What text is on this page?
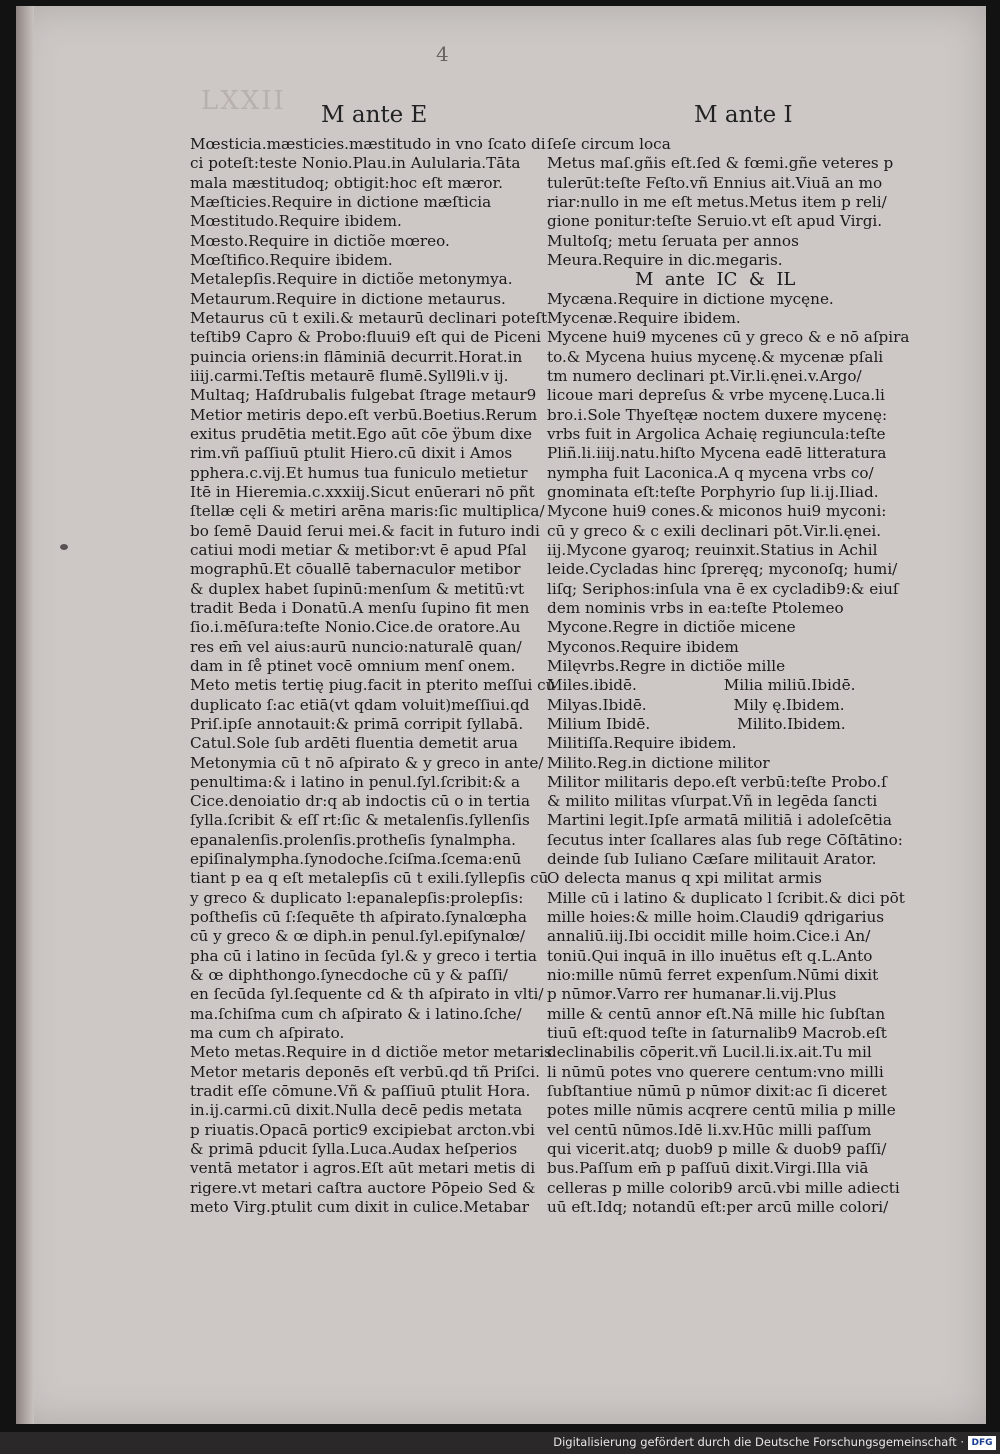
LXXII
4
M ante E	M ante I
Mœsticia.mæsticies.mæstitudo in vno ſcato di
ci poteſt:teste Nonio.Plau.in Aulularia.Tāta
mala mæstitudoq; obtigit:hoc eſt mæror.
Mæſticies.Require in dictione mæſticia
Mœstitudo.Require ibidem.
Mœsto.Require in dictiõe mœreo.
Mœſtifico.Require ibidem.
Metalepſis.Require in dictiõe metonymya.
Metaurum.Require in dictione metaurus.
Metaurus cū t exili.& metaurū declinari poteſt
teſtib9 Capro & Probo:fluui9 eſt qui de Piceni
puincia oriens:in flāminiā decurrit.Horat.in
iiij.carmi.Teſtis metaurē flumē.Syll9li.v ij.
Multaq; Haſdrubalis fulgebat ſtrage metaur9
Metior metiris depo.eſt verbū.Boetius.Rerum
exitus prudētia metit.Ego aūt cōe ÿbum dixe
rim.vñ paſſiuū ptulit Hiero.cū dixit i Amos
pphera.c.vij.Et humus tua funiculo metietur
Itē in Hieremia.c.xxxiij.Sicut enūerari nō pñt
ſtellæ cęli & metiri arēna maris:ſic multiplica/
bo ſemē Dauid ſerui mei.& facit in futuro indi
catiui modi metiar & metibor:vt ē apud Pſal
mographū.Et cōuallē tabernaculoɍ metibor
& duplex habet ſupinū:menſum & metitū:vt
tradit Beda i Donatū.A menſu ſupino fit men
ſio.i.mēſura:teſte Nonio.Cice.de oratore.Au
res em̄ vel aius:aurū nuncio:naturalē quan/
dam in ſe̊ ptinet vocē omnium menſ onem.
Meto metis tertię piug.facit in pterito meſſui cū
duplicato ſ:ac etiā(vt qdam voluit)meſſiui.qd
Priſ.ipſe annotauit:& primā corripit ſyllabā.
Catul.Sole ſub ardēti fluentia demetit arua
Metonymia cū t nō aſpirato & y greco in ante/
penultima:& i latino in penul.ſyl.ſcribit:& a
Cice.denoiatio dr:q ab indoctis cū o in tertia
ſylla.ſcribit & eſſ rt:ſic & metalenſis.ſyllenſis
epanalenſis.prolenſis.protheſis ſynalmpha.
epiſinalympha.ſynodoche.ſciſma.ſcema:enū
tiant p ea q eſt metalepſis cū t exili.ſyllepſis cū
y greco & duplicato l:epanalepſis:prolepſis:
poſtheſis cū ſ:ſequēte th aſpirato.ſynalœpha
cū y greco & œ diph.in penul.ſyl.epiſynalœ/
pha cū i latino in ſecūda ſyl.& y greco i tertia
& œ diphthongo.ſynecdoche cū y & paſſi/
en ſecūda ſyl.ſequente cd & th aſpirato in vlti/
ma.ſchiſma cum ch aſpirato & i latino.ſche/
ma cum ch aſpirato.
Meto metas.Require in d dictiõe metor metaris.
Metor metaris deponēs eſt verbū.qd tñ Priſci.
tradit eſſe cōmune.Vñ & paſſiuū ptulit Hora.
in.ij.carmi.cū dixit.Nulla decē pedis metata
p riuatis.Opacā portic9 excipiebat arcton.vbi
& primā pducit ſylla.Luca.Audax heſperios
ventā metator i agros.Eſt aūt metari metis di
rigere.vt metari caſtra auctore Pōpeio Sed &
meto Virg.ptulit cum dixit in culice.Metabar
ſeſe circum loca
Metus maſ.gñis eſt.ſed & fœmi.gñe veteres p
tulerūt:teſte Feſto.vñ Ennius ait.Viuā an mo
riar:nullo in me eſt metus.Metus item p reli/
gione ponitur:teſte Seruio.vt eſt apud Virgi.
Multoſq; metu ſeruata per annos
Meura.Require in dic.megaris.
M  ante  IC  &  IL
Mycæna.Require in dictione mycęne.
Mycenæ.Require ibidem.
Mycene hui9 mycenes cū y greco & e nō aſpira
to.& Mycena huius mycenę.& mycenæ pſali
tm numero declinari pt.Vir.li.ęnei.v.Argo/
licoue mari depreſus & vrbe mycenę.Luca.li
bro.i.Sole Thyeſtęæ noctem duxere mycenę:
vrbs fuit in Argolica Achaię regiuncula:teſte
Pliñ.li.iiij.natu.hiſto Mycena eadē litteratura
nympha fuit Laconica.A q mycena vrbs co/
gnominata eſt:teſte Porphyrio ſup li.ij.Iliad.
Mycone hui9 cones.& miconos hui9 myconi:
cū y greco & c exili declinari pōt.Vir.li.ęnei.
iij.Mycone gyaroq; reuinxit.Statius in Achil
leide.Cycladas hinc ſpreręq; myconoſq; humi/
liſq; Seriphos:inſula vna ē ex cycladib9:& eiuſ
dem nominis vrbs in ea:teſte Ptolemeo
Mycone.Regre in dictiõe micene
Myconos.Require ibidem
Milęvrbs.Regre in dictiõe mille
Miles.ibidē.                  Milia miliū.Ibidē.
Milyas.Ibidē.                  Mily ę.Ibidem.
Milium Ibidē.                  Milito.Ibidem.
Militiſſa.Require ibidem.
Milito.Reg.in dictione militor
Militor militaris depo.eſt verbū:teſte Probo.ſ
& milito militas vſurpat.Vñ in legēda ſancti
Martini legit.Ipſe armatā militiā i adoleſcētia
ſecutus inter ſcallares alas ſub rege Cōſtātino:
deinde ſub Iuliano Cæſare militauit Arator.
O delecta manus q xpi militat armis
Mille cū i latino & duplicato l ſcribit.& dici pōt
mille hoies:& mille hoim.Claudi9 qdrigarius
annaliū.iij.Ibi occidit mille hoim.Cice.i An/
toniū.Qui inquā in illo inuētus eſt q.L.Anto
nio:mille nūmū ferret expenſum.Nūmi dixit
p nūmoɍ.Varro reɍ humanaɍ.li.vij.Plus
mille & centū annoɍ eſt.Nā mille hic ſubſtan
tiuū eſt:quod teſte in ſaturnalib9 Macrob.eſt
declinabilis cōperit.vñ Lucil.li.ix.ait.Tu mil
li nūmū potes vno querere centum:vno milli
ſubſtantiue nūmū p nūmoɍ dixit:ac ſi diceret
potes mille nūmis acqrere centū milia p mille
vel centū nūmos.Idē li.xv.Hūc milli paſſum
qui vicerit.atq; duob9 p mille & duob9 paſſi/
bus.Paſſum em̄ p paſſuū dixit.Virgi.Illa viā
celleras p mille colorib9 arcū.vbi mille adiecti
uū eſt.Idq; notandū eſt:per arcū mille colori/
Digitalisierung gefördert durch die Deutsche Forschungsgemeinschaft · DFG
